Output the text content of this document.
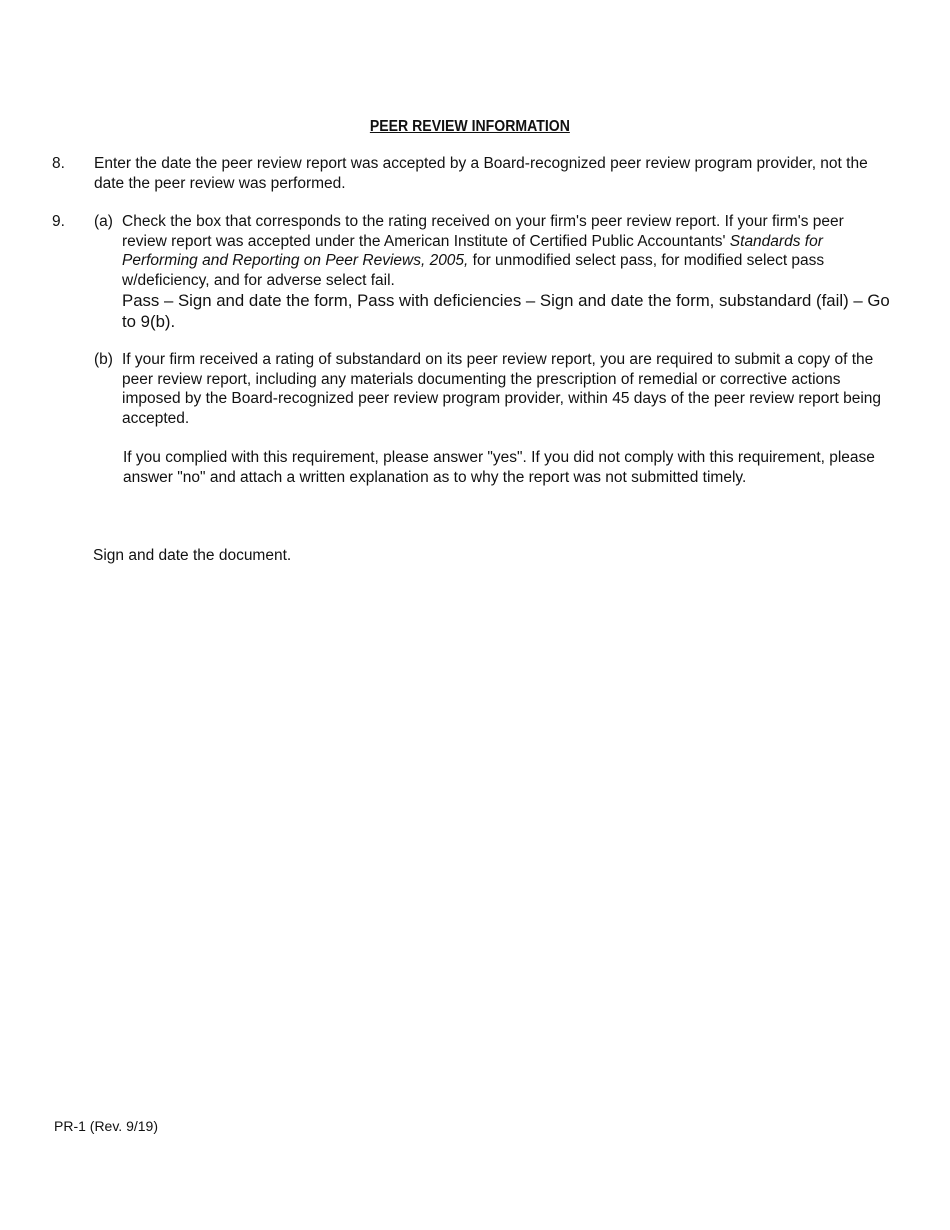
PEER REVIEW INFORMATION
8. Enter the date the peer review report was accepted by a Board-recognized peer review program provider, not the date the peer review was performed.

9. (a) Check the box that corresponds to the rating received on your firm's peer review report. If your firm's peer review report was accepted under the American Institute of Certified Public Accountants' Standards for Performing and Reporting on Peer Reviews, 2005, for unmodified select pass, for modified select pass w/deficiency, and for adverse select fail.

Pass – Sign and date the form, Pass with deficiencies – Sign and date the form, substandard (fail) – Go to 9(b).

(b) If your firm received a rating of substandard on its peer review report, you are required to submit a copy of the peer review report, including any materials documenting the prescription of remedial or corrective actions imposed by the Board-recognized peer review program provider, within 45 days of the peer review report being accepted.

If you complied with this requirement, please answer "yes". If you did not comply with this requirement, please answer "no" and attach a written explanation as to why the report was not submitted timely.

Sign and date the document.

PR-1 (Rev. 9/19)
